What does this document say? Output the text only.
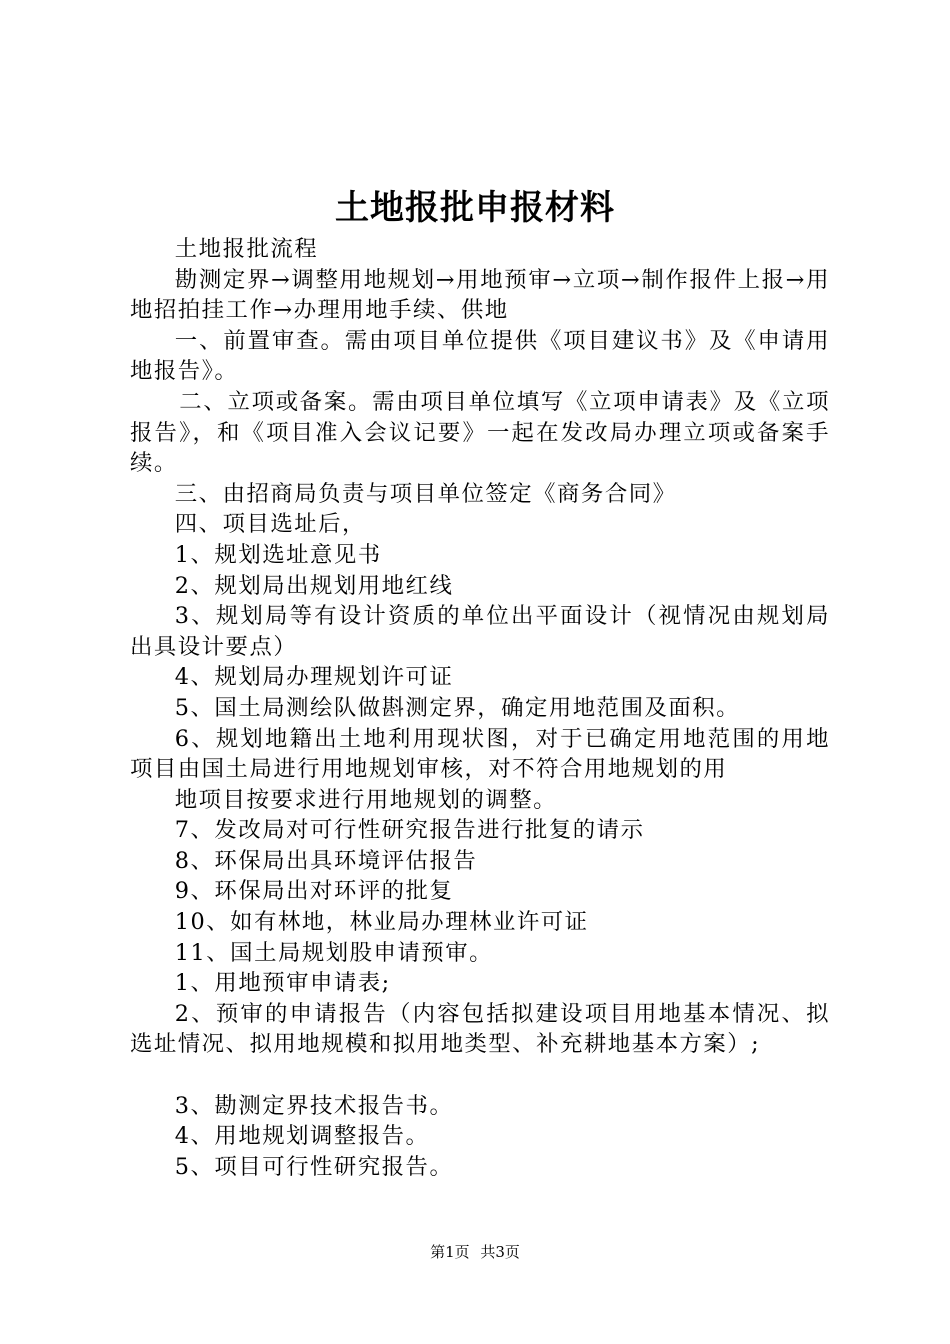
土地报批申报材料

土地报批流程

勘测定界→调整用地规划→用地预审→立项→制作报件上报→用地招拍挂工作→办理用地手续、供地

一、前置审查。需由项目单位提供《项目建议书》及《申请用地报告》。

二、立项或备案。需由项目单位填写《立项申请表》及《立项报告》，和《项目准入会议记要》一起在发改局办理立项或备案手续。

三、由招商局负责与项目单位签定《商务合同》

四、项目选址后，

1、规划选址意见书

2、规划局出规划用地红线

3、规划局等有设计资质的单位出平面设计（视情况由规划局出具设计要点）

4、规划局办理规划许可证

5、国土局测绘队做斟测定界，确定用地范围及面积。

6、规划地籍出土地利用现状图，对于已确定用地范围的用地项目由国土局进行用地规划审核，对不符合用地规划的用

地项目按要求进行用地规划的调整。

7、发改局对可行性研究报告进行批复的请示

8、环保局出具环境评估报告

9、环保局出对环评的批复

10、如有林地，林业局办理林业许可证

11、国土局规划股申请预审。

1、用地预审申请表;

2、预审的申请报告（内容包括拟建设项目用地基本情况、拟选址情况、拟用地规模和拟用地类型、补充耕地基本方案）;

3、勘测定界技术报告书。

4、用地规划调整报告。

5、项目可行性研究报告。

第1页 共3页
